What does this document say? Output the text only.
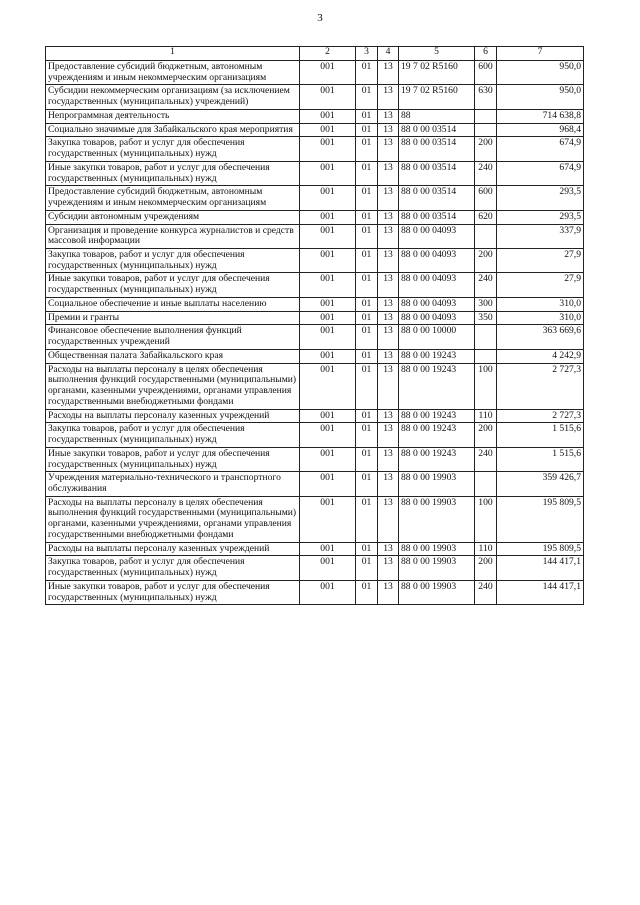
3
1	2	3	4	5	6	7
Предоставление субсидий бюджетным, автономным учреждениям и иным некоммерческим организациям	001	01	13	19 7 02 R5160	600	950,0
Субсидии некоммерческим организациям (за исключением государственных (муниципальных) учреждений)	001	01	13	19 7 02 R5160	630	950,0
Непрограммная деятельность	001	01	13	88		714 638,8
Социально значимые для Забайкальского края мероприятия	001	01	13	88 0 00 03514		968,4
Закупка товаров, работ и услуг для обеспечения государственных (муниципальных) нужд	001	01	13	88 0 00 03514	200	674,9
Иные закупки товаров, работ и услуг для обеспечения государственных (муниципальных) нужд	001	01	13	88 0 00 03514	240	674,9
Предоставление субсидий бюджетным, автономным учреждениям и иным некоммерческим организациям	001	01	13	88 0 00 03514	600	293,5
Субсидии автономным учреждениям	001	01	13	88 0 00 03514	620	293,5
Организация и проведение конкурса журналистов и средств массовой информации	001	01	13	88 0 00 04093		337,9
Закупка товаров, работ и услуг для обеспечения государственных (муниципальных) нужд	001	01	13	88 0 00 04093	200	27,9
Иные закупки товаров, работ и услуг для обеспечения государственных (муниципальных) нужд	001	01	13	88 0 00 04093	240	27,9
Социальное обеспечение и иные выплаты населению	001	01	13	88 0 00 04093	300	310,0
Премии и гранты	001	01	13	88 0 00 04093	350	310,0
Финансовое обеспечение выполнения функций государственных учреждений	001	01	13	88 0 00 10000		363 669,6
Общественная палата Забайкальского края	001	01	13	88 0 00 19243		4 242,9
Расходы на выплаты персоналу в целях обеспечения выполнения функций государственными (муниципальными) органами, казенными учреждениями, органами управления государственными внебюджетными фондами	001	01	13	88 0 00 19243	100	2 727,3
Расходы на выплаты персоналу казенных учреждений	001	01	13	88 0 00 19243	110	2 727,3
Закупка товаров, работ и услуг для обеспечения государственных (муниципальных) нужд	001	01	13	88 0 00 19243	200	1 515,6
Иные закупки товаров, работ и услуг для обеспечения государственных (муниципальных) нужд	001	01	13	88 0 00 19243	240	1 515,6
Учреждения материально-технического и транспортного обслуживания	001	01	13	88 0 00 19903		359 426,7
Расходы на выплаты персоналу в целях обеспечения выполнения функций государственными (муниципальными) органами, казенными учреждениями, органами управления государственными внебюджетными фондами	001	01	13	88 0 00 19903	100	195 809,5
Расходы на выплаты персоналу казенных учреждений	001	01	13	88 0 00 19903	110	195 809,5
Закупка товаров, работ и услуг для обеспечения государственных (муниципальных) нужд	001	01	13	88 0 00 19903	200	144 417,1
Иные закупки товаров, работ и услуг для обеспечения государственных (муниципальных) нужд	001	01	13	88 0 00 19903	240	144 417,1
